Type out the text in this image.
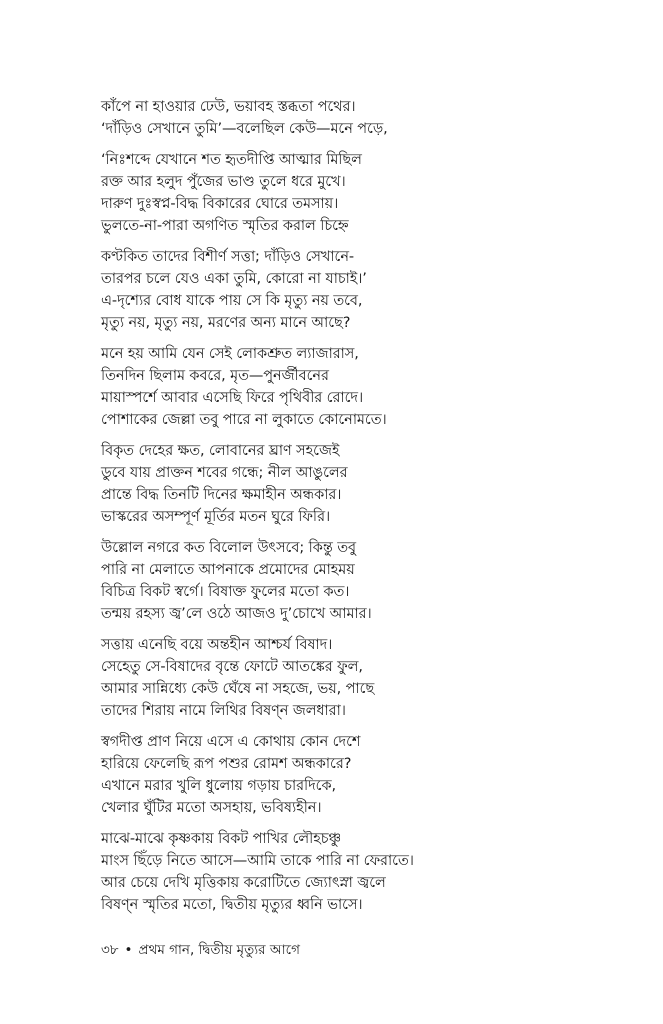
কাঁপে না হাওয়ার ঢেউ, ভয়াবহ স্তব্ধতা পথের।
‘দাঁড়িও সেখানে তুমি’—বলেছিল কেউ—মনে পড়ে,
‘নিঃশব্দে যেখানে শত হৃতদীপ্তি আত্মার মিছিল
রক্ত আর হলুদ পুঁজের ভাণ্ড তুলে ধরে মুখে।
দারুণ দুঃস্বপ্ন-বিদ্ধ বিকারের ঘোরে তমসায়।
ভুলতে-না-পারা অগণিত স্মৃতির করাল চিহ্নে
কণ্টকিত তাদের বিশীর্ণ সত্তা; দাঁড়িও সেখানে-
তারপর চলে যেও একা তুমি, কোরো না যাচাই।’
এ-দৃশ্যের বোধ যাকে পায় সে কি মৃত্যু নয় তবে,
মৃত্যু নয়, মৃত্যু নয়, মরণের অন্য মানে আছে?
মনে হয় আমি যেন সেই লোকশ্রুত ল্যাজারাস,
তিনদিন ছিলাম কবরে, মৃত—পুনর্জীবনের
মায়াস্পর্শে আবার এসেছি ফিরে পৃথিবীর রোদে।
পোশাকের জেল্লা তবু পারে না লুকাতে কোনোমতে।
বিকৃত দেহের ক্ষত, লোবানের ঘ্রাণ সহজেই
ডুবে যায় প্রাক্তন শবের গন্ধে; নীল আঙুলের
প্রান্তে বিদ্ধ তিনটি দিনের ক্ষমাহীন অন্ধকার।
ভাস্করের অসম্পূর্ণ মূর্তির মতন ঘুরে ফিরি।
উল্লোল নগরে কত বিলোল উৎসবে; কিন্তু তবু
পারি না মেলাতে আপনাকে প্রমোদের মোহময়
বিচিত্র বিকট স্বর্গে। বিষাক্ত ফুলের মতো কত।
তন্ময় রহস্য জ্ব’লে ওঠে আজও দু’চোখে আমার।
সত্তায় এনেছি বয়ে অন্তহীন আশ্চর্য বিষাদ।
সেহেতু সে-বিষাদের বৃন্তে ফোটে আতঙ্কের ফুল,
আমার সান্নিধ্যে কেউ ঘেঁষে না সহজে, ভয়, পাছে
তাদের শিরায় নামে লিথির বিষণ্ন জলধারা।
স্বগদীপ্ত প্রাণ নিয়ে এসে এ কোথায় কোন দেশে
হারিয়ে ফেলেছি রূপ পশুর রোমশ অন্ধকারে?
এখানে মরার খুলি ধুলোয় গড়ায় চারদিকে,
খেলার ঘুঁটির মতো অসহায়, ভবিষ্যহীন।
মাঝে-মাঝে কৃষ্ণকায় বিকট পাখির লৌহচঞ্চু
মাংস ছিঁড়ে নিতে আসে—আমি তাকে পারি না ফেরাতে।
আর চেয়ে দেখি মৃত্তিকায় করোটিতে জ্যোৎস্না জ্বলে
বিষণ্ন স্মৃতির মতো, দ্বিতীয় মৃত্যুর ধ্বনি ভাসে।
৩৮ • প্রথম গান, দ্বিতীয় মৃত্যুর আগে
